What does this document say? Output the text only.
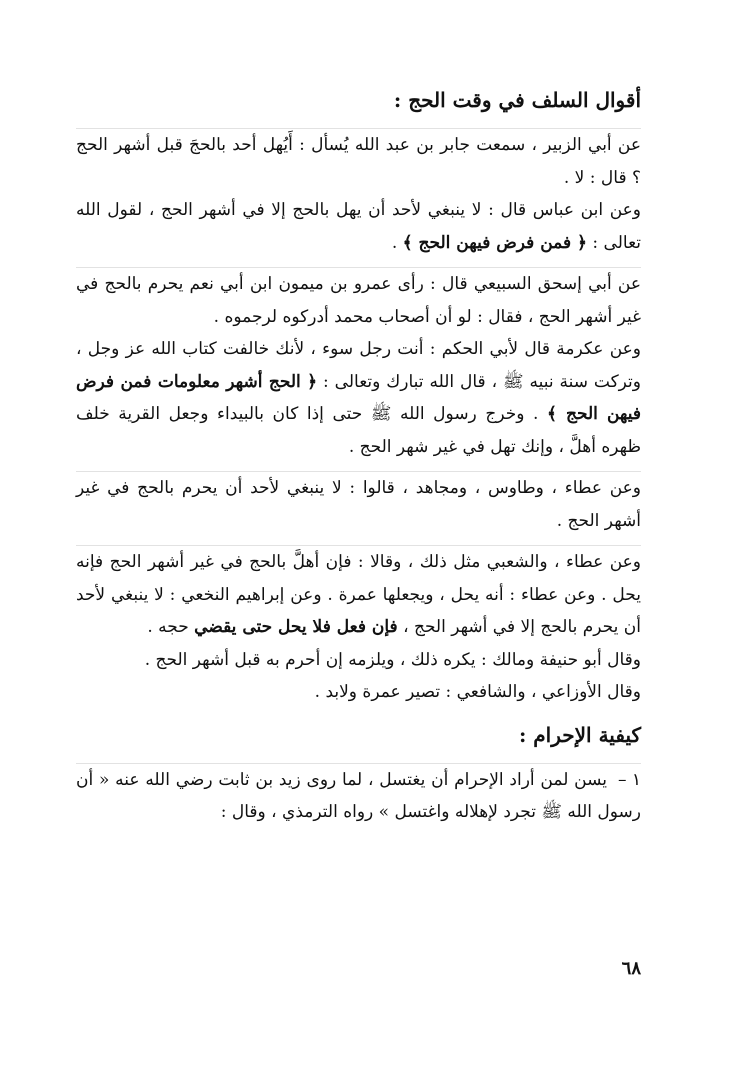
أقوال السلف في وقت الحج :

عن أبي الزبير ، سمعت جابر بن عبد الله يُسأل : أَيُهل أحد بالحجَ قبل أشهر الحج ؟ قال : لا .

وعن ابن عباس قال : لا ينبغي لأحد أن يهل بالحج إلا في أشهر الحج ، لقول الله تعالى : ﴿ فمن فرض فيهن الحج ﴾ .

عن أبي إسحق السبيعي قال : رأى عمرو بن ميمون ابن أبي نعم يحرم بالحج في غير أشهر الحج ، فقال : لو أن أصحاب محمد أدركوه لرجموه .

وعن عكرمة قال لأبي الحكم : أنت رجل سوء ، لأنك خالفت كتاب الله عز وجل ، وتركت سنة نبيه ﷺ ، قال الله تبارك وتعالى : ﴿ الحج أشهر معلومات فمن فرض فيهن الحج ﴾ . وخرج رسول الله ﷺ حتى إذا كان بالبيداء وجعل القرية خلف ظهره أهلَّ ، وإنك تهل في غير شهر الحج .

وعن عطاء ، وطاوس ، ومجاهد ، قالوا : لا ينبغي لأحد أن يحرم بالحج في غير أشهر الحج .

وعن عطاء ، والشعبي مثل ذلك ، وقالا : فإن أهلَّ بالحج في غير أشهر الحج فإنه يحل . وعن عطاء : أنه يحل ، ويجعلها عمرة . وعن إبراهيم النخعي : لا ينبغي لأحد أن يحرم بالحج إلا في أشهر الحج ، فإن فعل فلا يحل حتى يقضي حجه .

وقال أبو حنيفة ومالك : يكره ذلك ، ويلزمه إن أحرم به قبل أشهر الحج .

وقال الأوزاعي ، والشافعي : تصير عمرة ولابد .

كيفية الإحرام :

١ –يسن لمن أراد الإحرام أن يغتسل ، لما روى زيد بن ثابت رضي الله عنه « أن رسول الله ﷺ تجرد لإهلاله واغتسل » رواه الترمذي ، وقال :

٦٨
